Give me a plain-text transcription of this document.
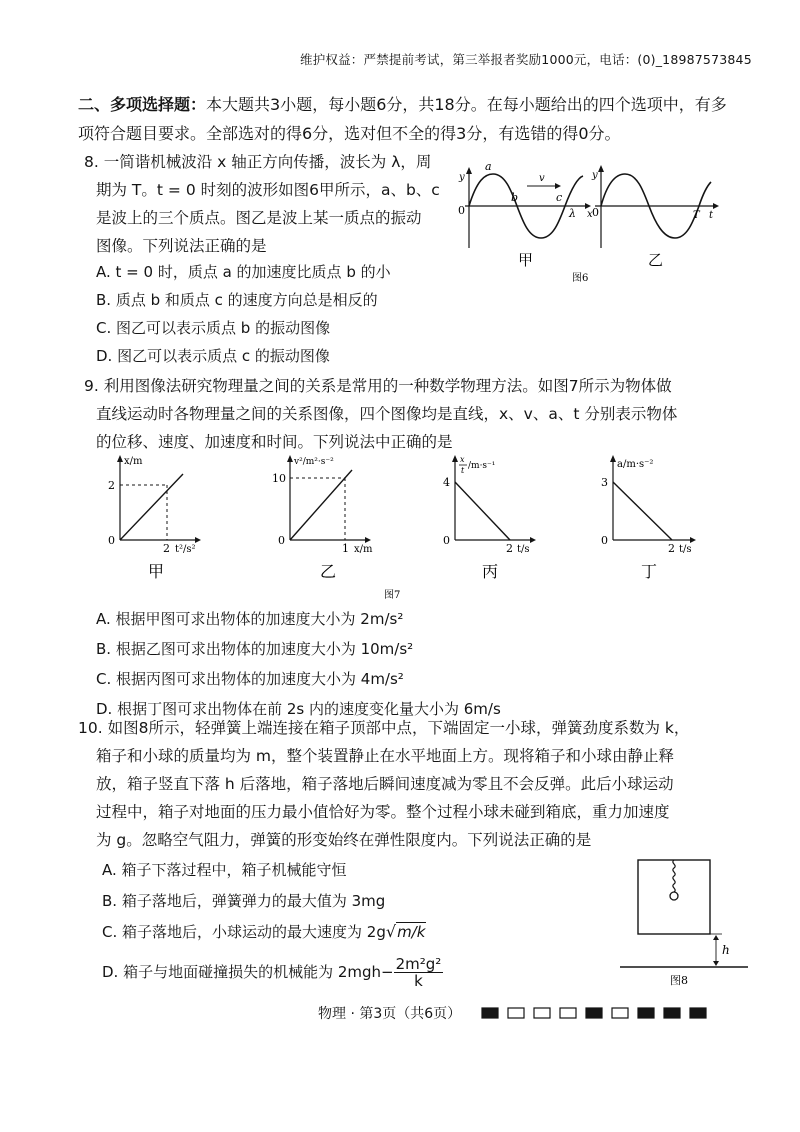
维护权益：严禁提前考试，第三举报者奖励1000元，电话：(0)_18987573845
二、多项选择题：本大题共3小题，每小题6分，共18分。在每小题给出的四个选项中，有多项符合题目要求。全部选对的得6分，选对但不全的得3分，有选错的得0分。
8. 一简谐机械波沿 x 轴正方向传播，波长为 λ，周
期为 T。t = 0 时刻的波形如图6甲所示，a、b、c
是波上的三个质点。图乙是波上某一质点的振动
图像。下列说法正确的是
A. t = 0 时，质点 a 的加速度比质点 b 的小
B. 质点 b 和质点 c 的速度方向总是相反的
C. 图乙可以表示质点 b 的振动图像
D. 图乙可以表示质点 c 的振动图像
y
0
a
b	c
λ x
v
甲
y
0	T t
乙
图6
9. 利用图像法研究物理量之间的关系是常用的一种数学物理方法。如图7所示为物体做
直线运动时各物理量之间的关系图像，四个图像均是直线，x、v、a、t 分别表示物体
的位移、速度、加速度和时间。下列说法中正确的是
x/m
2
2
0
t²/s²
甲
v²/m²·s⁻²
10
1
0
x/m
乙
x
t /m·s⁻¹
4
2
0
t/s
丙
a/m·s⁻²
3
2
0
t/s
丁
图7
A. 根据甲图可求出物体的加速度大小为 2m/s²
B. 根据乙图可求出物体的加速度大小为 10m/s²
C. 根据丙图可求出物体的加速度大小为 4m/s²
D. 根据丁图可求出物体在前 2s 内的速度变化量大小为 6m/s
10. 如图8所示，轻弹簧上端连接在箱子顶部中点，下端固定一小球，弹簧劲度系数为 k，
箱子和小球的质量均为 m，整个装置静止在水平地面上方。现将箱子和小球由静止释
放，箱子竖直下落 h 后落地，箱子落地后瞬间速度减为零且不会反弹。此后小球运动
过程中，箱子对地面的压力最小值恰好为零。整个过程小球未碰到箱底，重力加速度
为 g。忽略空气阻力，弹簧的形变始终在弹性限度内。下列说法正确的是
A. 箱子下落过程中，箱子机械能守恒
B. 箱子落地后，弹簧弹力的最大值为 3mg
C. 箱子落地后，小球运动的最大速度为 2g√m/k
D. 箱子与地面碰撞损失的机械能为 $2mgh- \frac{\text{2m²g²}}{k}$
h
图8
物理 · 第3页（共6页）
